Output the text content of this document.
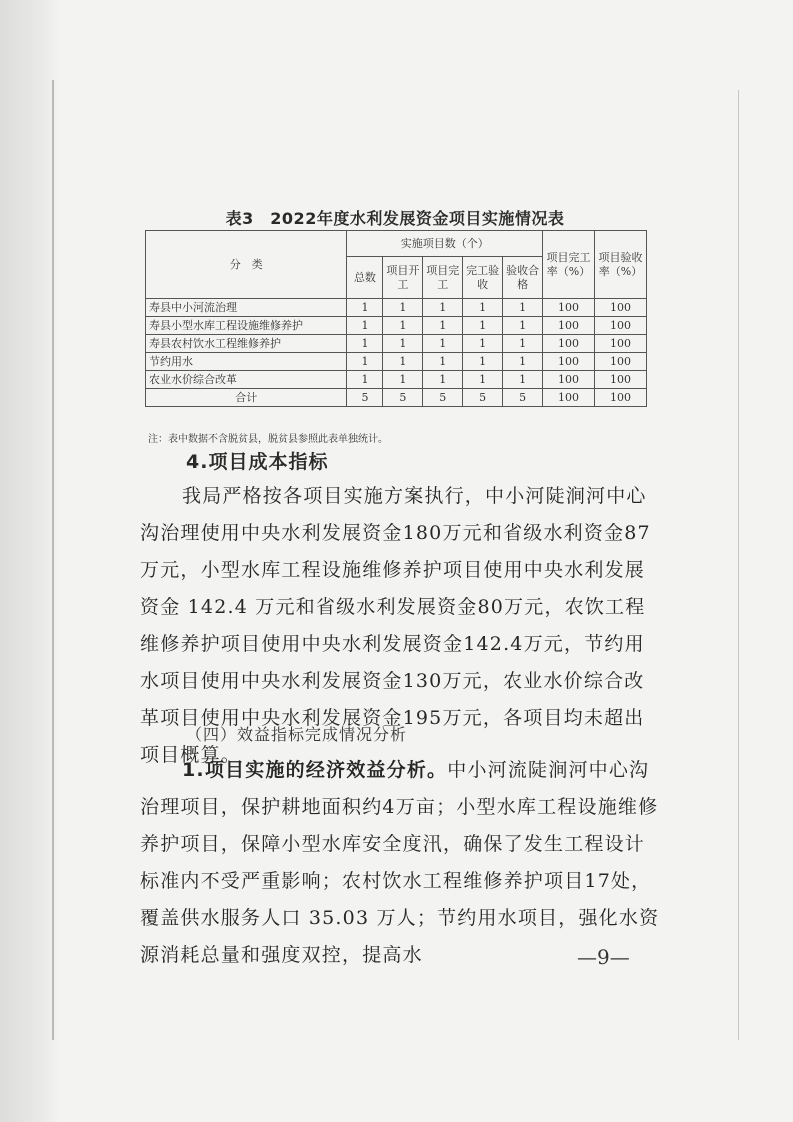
表3　2022年度水利发展资金项目实施情况表
分　类	实施项目数（个）					项目完工率（%）	项目验收率（%）
	总数	项目开工	项目完工	完工验收	验收合格		
寿县中小河流治理	1	1	1	1	1	100	100
寿县小型水库工程设施维修养护	1	1	1	1	1	100	100
寿县农村饮水工程维修养护	1	1	1	1	1	100	100
节约用水	1	1	1	1	1	100	100
农业水价综合改革	1	1	1	1	1	100	100
合计	5	5	5	5	5	100	100
注：表中数据不含脱贫县，脱贫县参照此表单独统计。
4.项目成本指标

我局严格按各项目实施方案执行，中小河陡涧河中心沟治理使用中央水利发展资金180万元和省级水利资金87万元，小型水库工程设施维修养护项目使用中央水利发展资金 142.4 万元和省级水利发展资金80万元，农饮工程维修养护项目使用中央水利发展资金142.4万元，节约用水项目使用中央水利发展资金130万元，农业水价综合改革项目使用中央水利发展资金195万元，各项目均未超出项目概算。

（四）效益指标完成情况分析

1.项目实施的经济效益分析。中小河流陡涧河中心沟治理项目，保护耕地面积约4万亩；小型水库工程设施维修养护项目，保障小型水库安全度汛，确保了发生工程设计标准内不受严重影响；农村饮水工程维修养护项目17处，覆盖供水服务人口 35.03 万人；节约用水项目，强化水资源消耗总量和强度双控，提高水	—9—
